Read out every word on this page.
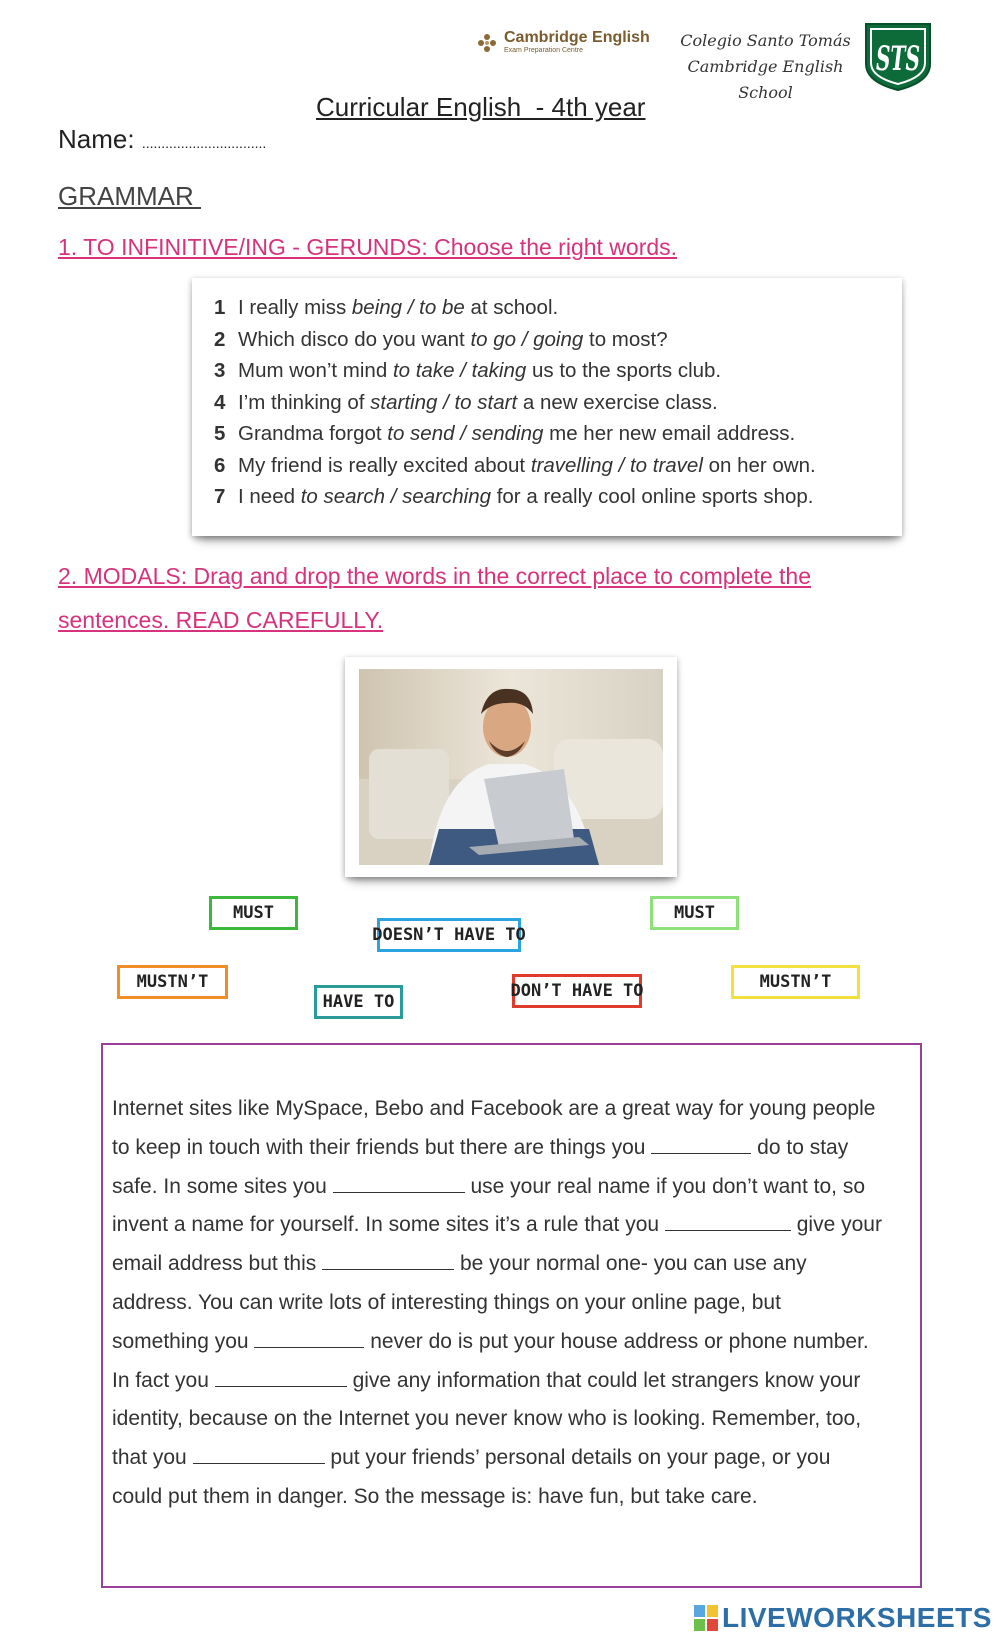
Cambridge English
Exam Preparation Centre
Colegio Santo Tomás
Cambridge English School
STS
Curricular English  - 4th year
Name: ................................
GRAMMAR
1. TO INFINITIVE/ING - GERUNDS: Choose the right words.
1 I really miss being / to be at school.
2 Which disco do you want to go / going to most?
3 Mum won’t mind to take / taking us to the sports club.
4 I’m thinking of starting / to start a new exercise class.
5 Grandma forgot to send / sending me her new email address.
6 My friend is really excited about travelling / to travel on her own.
7 I need to search / searching for a really cool online sports shop.
2. MODALS: Drag and drop the words in the correct place to complete the
sentences. READ CAREFULLY.
MUST
DOESN’T HAVE TO
MUST
MUSTN’T
HAVE TO
DON’T HAVE TO	MUSTN’T

Internet sites like MySpace, Bebo and Facebook are a great way for young people

to keep in touch with their friends but there are things you	do to stay

safe. In some sites you	use your real name if you don’t want to, so

invent a name for yourself. In some sites it’s a rule that you	give your

email address but this	be your normal one- you can use any

address. You can write lots of interesting things on your online page, but

something you	never do is put your house address or phone number.

In fact you	give any information that could let strangers know your

identity, because on the Internet you never know who is looking. Remember, too,

that you	put your friends’ personal details on your page, or you

could put them in danger. So the message is: have fun, but take care.

LIVEWORKSHEETS
